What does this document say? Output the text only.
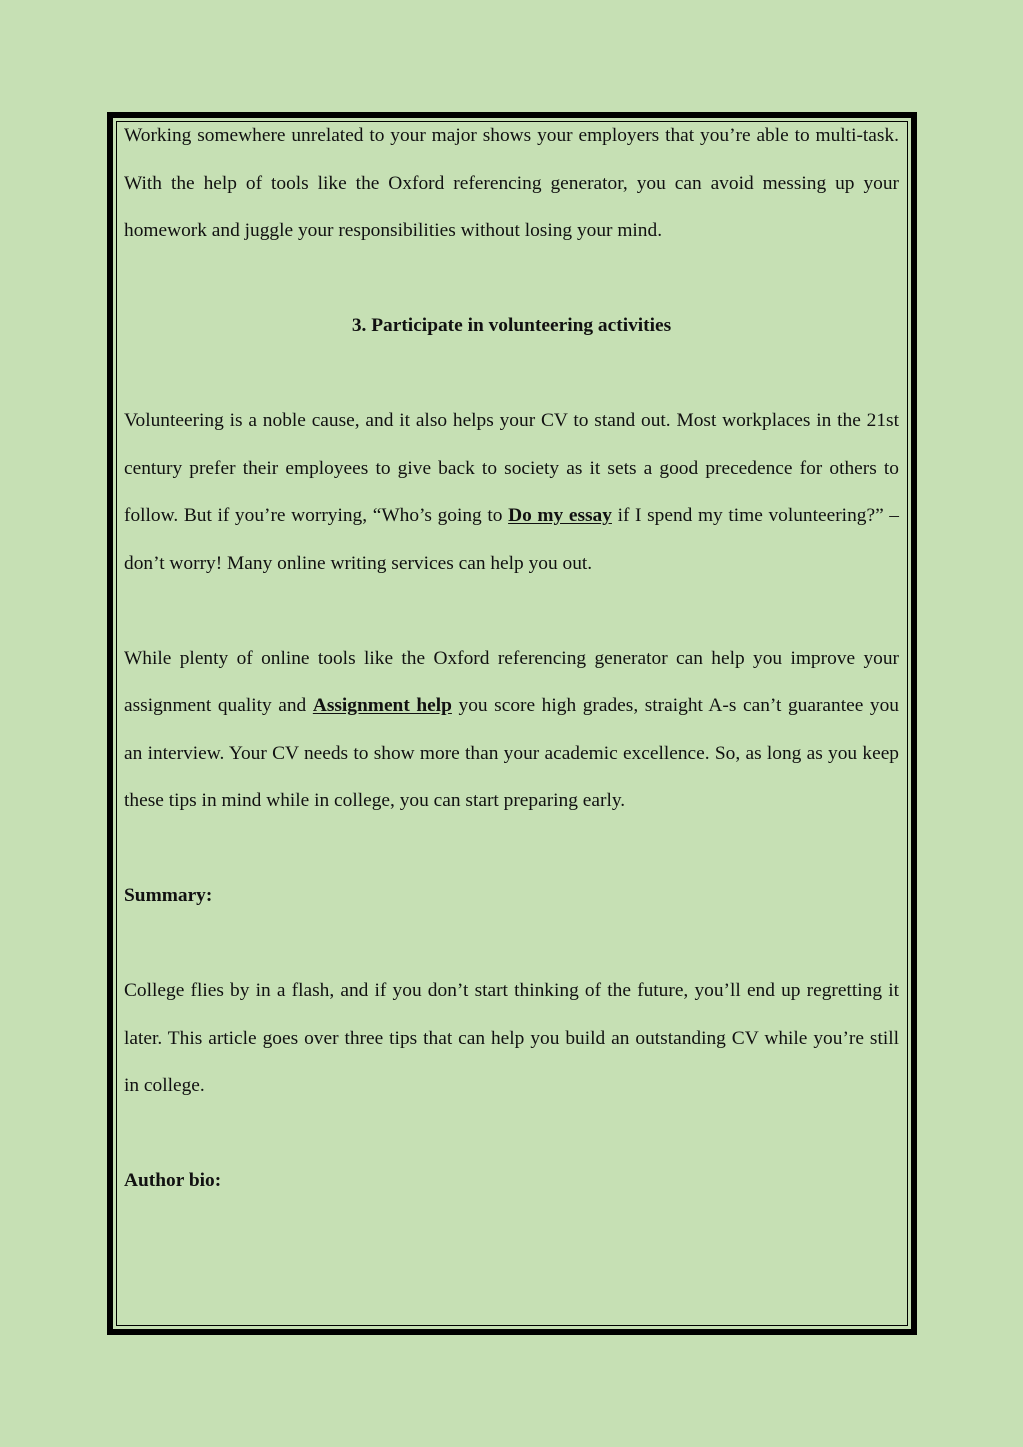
Working somewhere unrelated to your major shows your employers that you’re able to multi-task. With the help of tools like the Oxford referencing generator, you can avoid messing up your homework and juggle your responsibilities without losing your mind.

3. Participate in volunteering activities

Volunteering is a noble cause, and it also helps your CV to stand out. Most workplaces in the 21st century prefer their employees to give back to society as it sets a good precedence for others to follow. But if you’re worrying, “Who’s going to Do my essay if I spend my time volunteering?” – don’t worry! Many online writing services can help you out.

While plenty of online tools like the Oxford referencing generator can help you improve your assignment quality and Assignment help you score high grades, straight A-s can’t guarantee you an interview. Your CV needs to show more than your academic excellence. So, as long as you keep these tips in mind while in college, you can start preparing early.

Summary:

College flies by in a flash, and if you don’t start thinking of the future, you’ll end up regretting it later. This article goes over three tips that can help you build an outstanding CV while you’re still in college.

Author bio:
